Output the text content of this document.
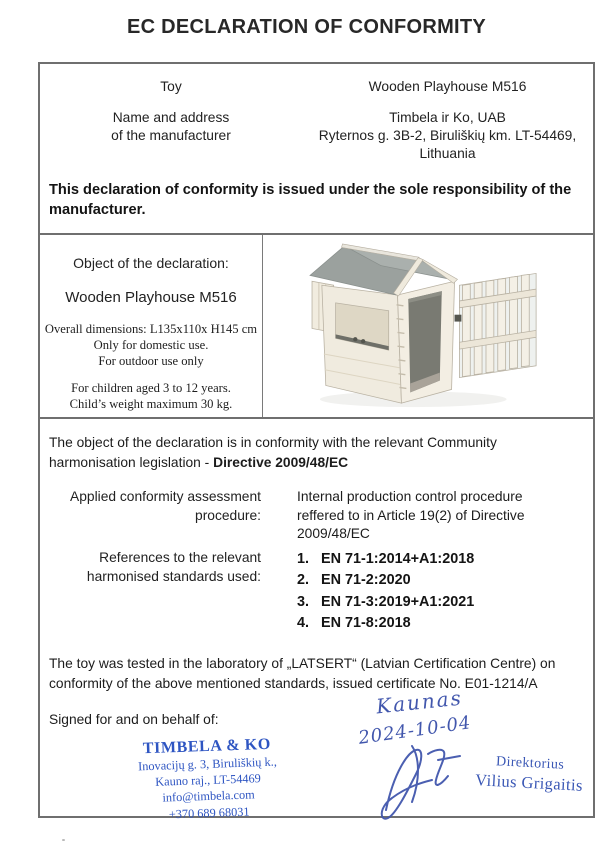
EC DECLARATION OF CONFORMITY
Toy	Wooden Playhouse M516
Name and address
of the manufacturer
Timbela ir Ko, UAB
Ryternos g. 3B-2, Biruliškių km. LT-54469,
Lithuania

This declaration of conformity is issued under the sole responsibility of the manufacturer.

Object of the declaration:
Wooden Playhouse M516
Overall dimensions: L135x110x H145 cm
Only for domestic use.
For outdoor use only
For children aged 3 to 12 years.
Child’s weight maximum 30 kg.

The object of the declaration is in conformity with the relevant Community harmonisation legislation - Directive 2009/48/EC

Applied conformity assessment
procedure:
Internal production control procedure reffered to in Article 19(2) of Directive 2009/48/EC
References to the relevant
harmonised standards used:
1. EN 71-1:2014+A1:2018
2. EN 71-2:2020
3. EN 71-3:2019+A1:2021
4. EN 71-8:2018

The toy was tested in the laboratory of „LATSERT“ (Latvian Certification Centre) on conformity of the above mentioned standards, issued certificate No. E01-1214/A

Signed for and on behalf of:
TIMBELA & KO
Inovacijų g. 3, Biruliškių k.,
Kauno raj., LT-54469
info@timbela.com
+370 689 68031
Kaunas
2024-10-04
Direktorius
Vilius Grigaitis
